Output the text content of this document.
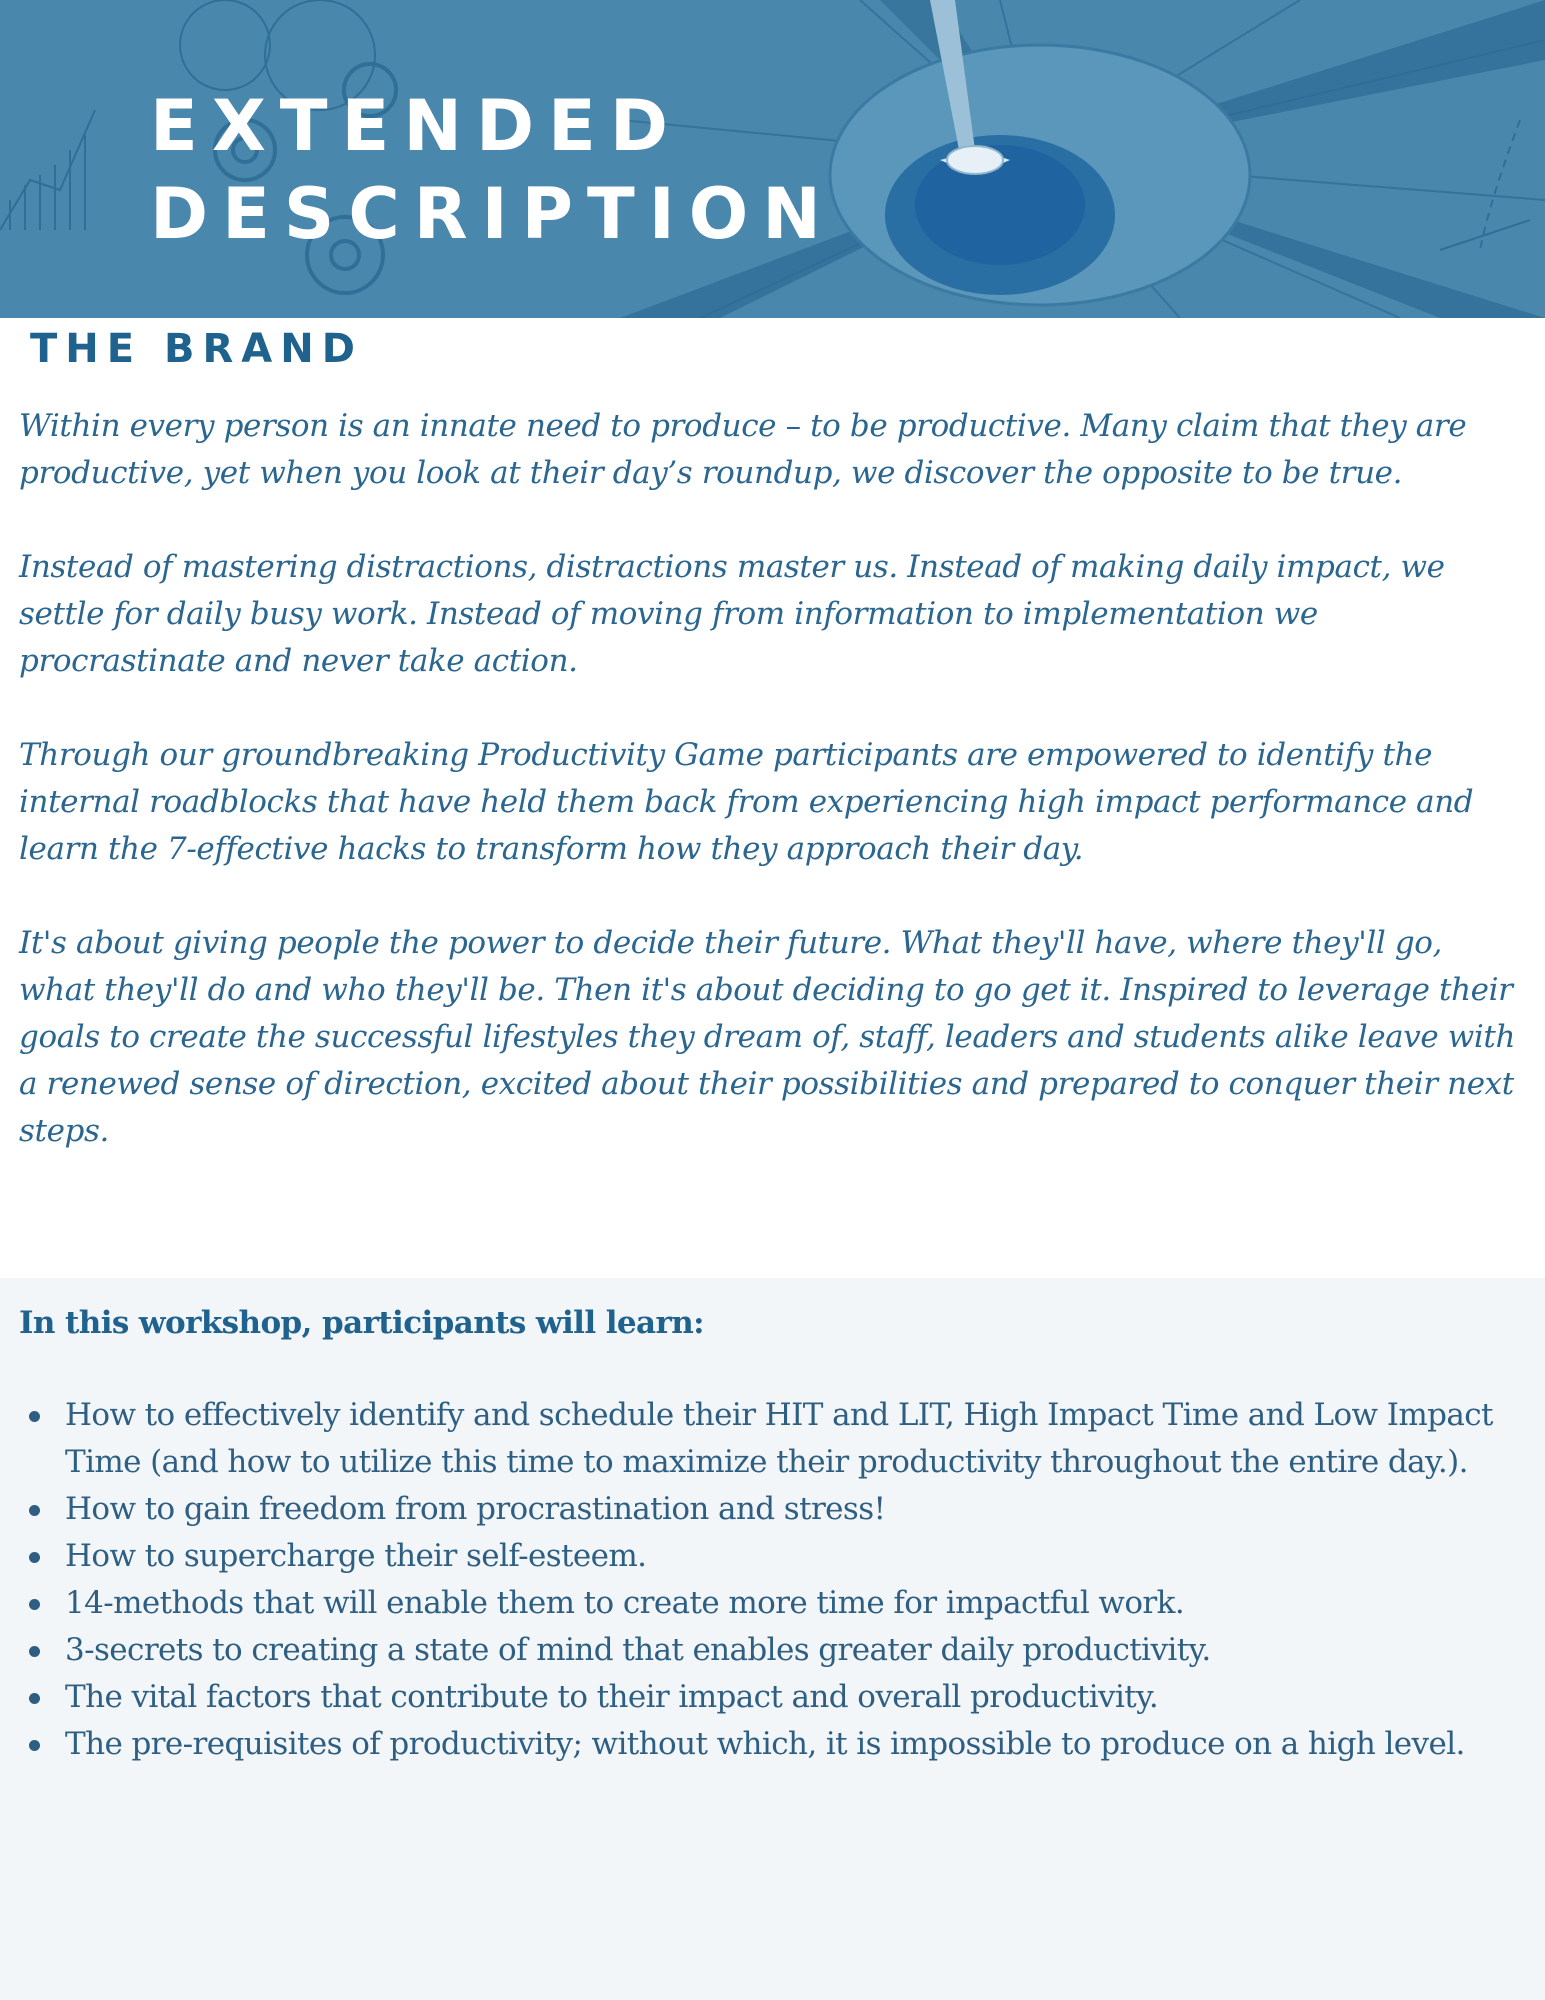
EXTENDED
DESCRIPTION
THE BRAND

Within every person is an innate need to produce – to be productive. Many claim that they are productive, yet when you look at their day’s roundup, we discover the opposite to be true.

Instead of mastering distractions, distractions master us. Instead of making daily impact, we settle for daily busy work. Instead of moving from information to implementation we procrastinate and never take action.

Through our groundbreaking Productivity Game participants are empowered to identify the internal roadblocks that have held them back from experiencing high impact performance and learn the 7-effective hacks to transform how they approach their day.

It's about giving people the power to decide their future. What they'll have, where they'll go, what they'll do and who they'll be. Then it's about deciding to go get it. Inspired to leverage their goals to create the successful lifestyles they dream of, staff, leaders and students alike leave with a renewed sense of direction, excited about their possibilities and prepared to conquer their next steps.

In this workshop, participants will learn:
How to effectively identify and schedule their HIT and LIT, High Impact Time and Low Impact Time (and how to utilize this time to maximize their productivity throughout the entire day.).
How to gain freedom from procrastination and stress!
How to supercharge their self-esteem.
14-methods that will enable them to create more time for impactful work.
3-secrets to creating a state of mind that enables greater daily productivity.
The vital factors that contribute to their impact and overall productivity.
The pre-requisites of productivity; without which, it is impossible to produce on a high level.
